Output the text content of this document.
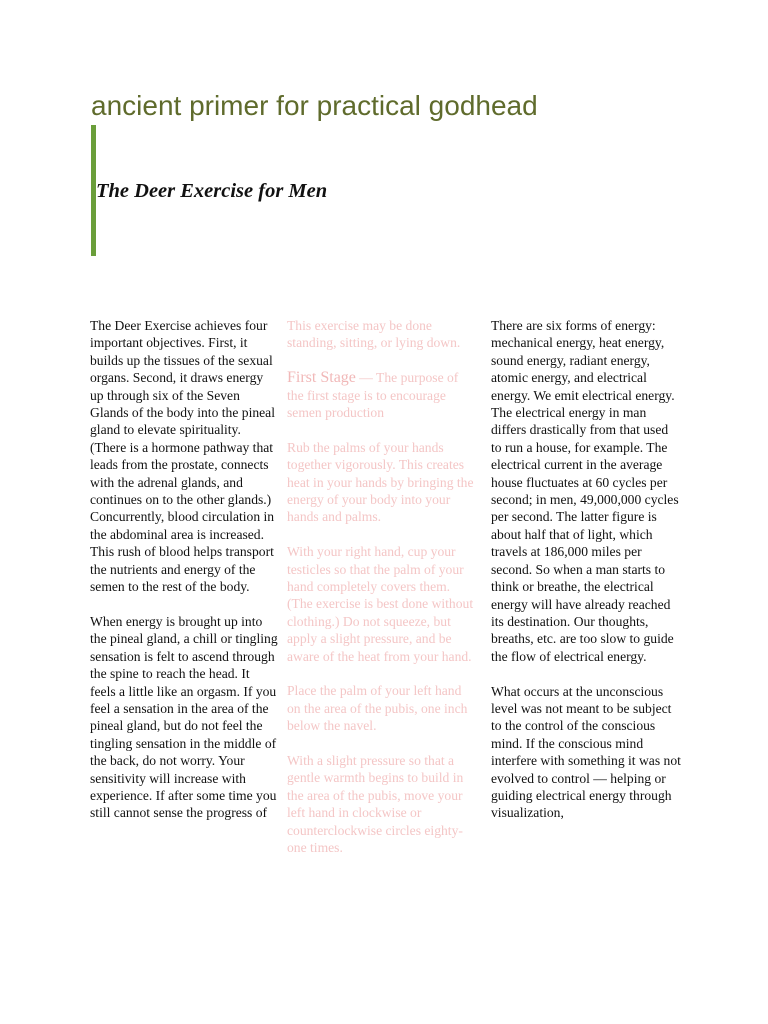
ancient primer for practical godhead
The Deer Exercise for Men

The Deer Exercise achieves four important objectives. First, it builds up the tissues of the sexual organs. Second, it draws energy up through six of the Seven Glands of the body into the pineal gland to elevate spirituality. (There is a hormone pathway that leads from the prostate, connects with the adrenal glands, and continues on to the other glands.) Concurrently, blood circulation in the abdominal area is increased. This rush of blood helps transport the nutrients and energy of the semen to the rest of the body.

When energy is brought up into the pineal gland, a chill or tingling sensation is felt to ascend through the spine to reach the head. It feels a little like an orgasm. If you feel a sensation in the area of the pineal gland, but do not feel the tingling sensation in the middle of the back, do not worry. Your sensitivity will increase with experience. If after some time you still cannot sense the progress of

This exercise may be done standing, sitting, or lying down.

First Stage — The purpose of the first stage is to encourage semen production

Rub the palms of your hands together vigorously. This creates heat in your hands by bringing the energy of your body into your hands and palms.

With your right hand, cup your testicles so that the palm of your hand completely covers them. (The exercise is best done without clothing.) Do not squeeze, but apply a slight pressure, and be aware of the heat from your hand.

Place the palm of your left hand on the area of the pubis, one inch below the navel.

With a slight pressure so that a gentle warmth begins to build in the area of the pubis, move your left hand in clockwise or counterclockwise circles eighty-one times.

There are six forms of energy: mechanical energy, heat energy, sound energy, radiant energy, atomic energy, and electrical energy. We emit electrical energy. The electrical energy in man differs drastically from that used to run a house, for example. The electrical current in the average house fluctuates at 60 cycles per second; in men, 49,000,000 cycles per second. The latter figure is about half that of light, which travels at 186,000 miles per second. So when a man starts to think or breathe, the electrical energy will have already reached its destination. Our thoughts, breaths, etc. are too slow to guide the flow of electrical energy.

What occurs at the unconscious level was not meant to be subject to the control of the conscious mind. If the conscious mind interfere with something it was not evolved to control — helping or guiding electrical energy through visualization,
